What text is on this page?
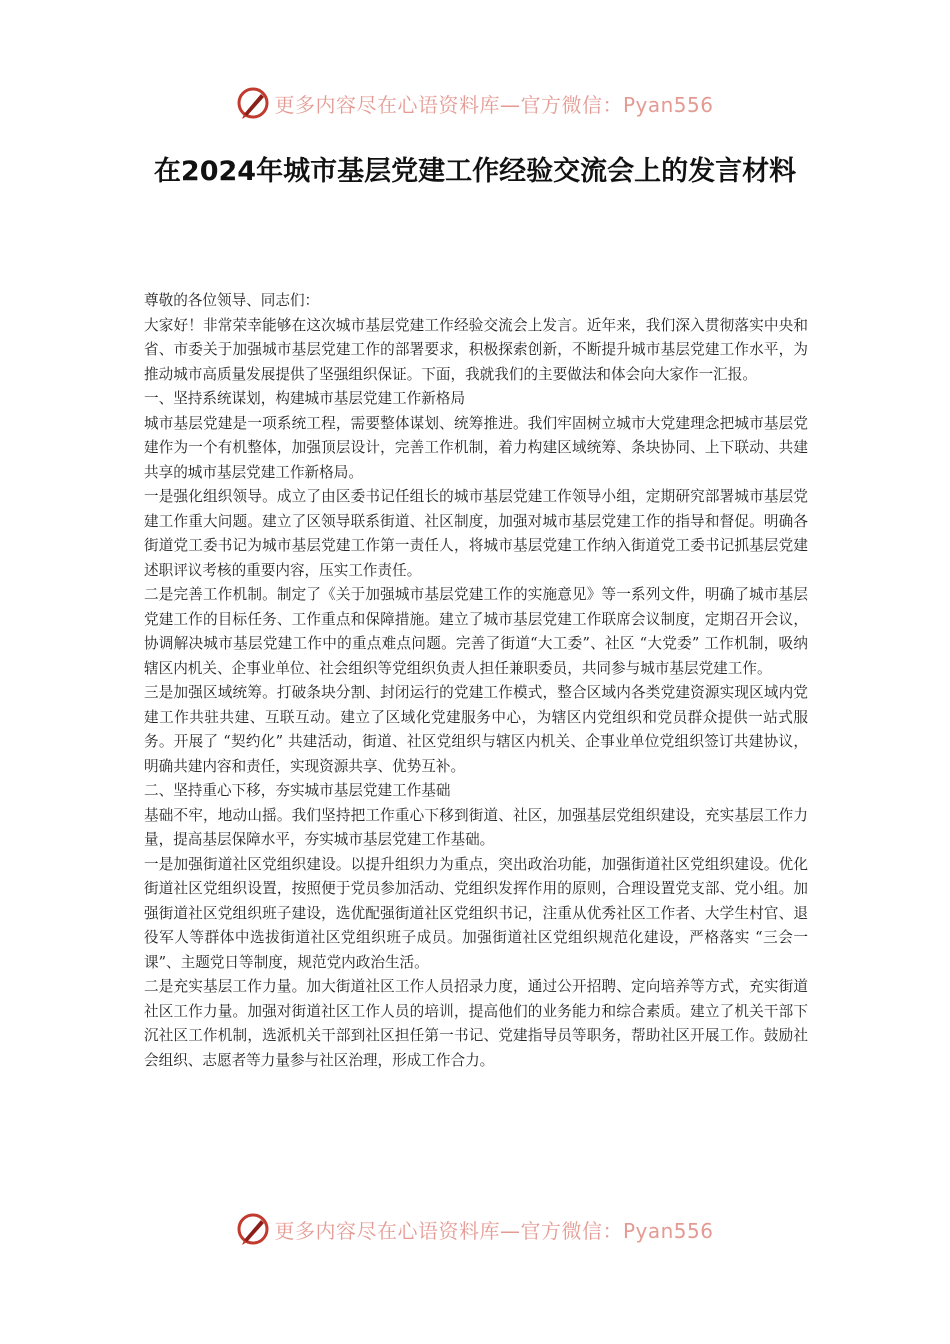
更多内容尽在心语资料库—官方微信：Pyan556
在2024年城市基层党建工作经验交流会上的发言材料

尊敬的各位领导、同志们：

大家好！非常荣幸能够在这次城市基层党建工作经验交流会上发言。近年来，我们深入贯彻落实中央和省、市委关于加强城市基层党建工作的部署要求，积极探索创新，不断提升城市基层党建工作水平，为推动城市高质量发展提供了坚强组织保证。下面，我就我们的主要做法和体会向大家作一汇报。

一、坚持系统谋划，构建城市基层党建工作新格局

城市基层党建是一项系统工程，需要整体谋划、统筹推进。我们牢固树立城市大党建理念把城市基层党建作为一个有机整体，加强顶层设计，完善工作机制，着力构建区域统筹、条块协同、上下联动、共建共享的城市基层党建工作新格局。

一是强化组织领导。成立了由区委书记任组长的城市基层党建工作领导小组，定期研究部署城市基层党建工作重大问题。建立了区领导联系街道、社区制度，加强对城市基层党建工作的指导和督促。明确各街道党工委书记为城市基层党建工作第一责任人，将城市基层党建工作纳入街道党工委书记抓基层党建述职评议考核的重要内容，压实工作责任。

二是完善工作机制。制定了《关于加强城市基层党建工作的实施意见》等一系列文件，明确了城市基层党建工作的目标任务、工作重点和保障措施。建立了城市基层党建工作联席会议制度，定期召开会议，协调解决城市基层党建工作中的重点难点问题。完善了街道“大工委”、社区 “大党委” 工作机制，吸纳辖区内机关、企事业单位、社会组织等党组织负责人担任兼职委员，共同参与城市基层党建工作。

三是加强区域统筹。打破条块分割、封闭运行的党建工作模式，整合区域内各类党建资源实现区域内党建工作共驻共建、互联互动。建立了区域化党建服务中心，为辖区内党组织和党员群众提供一站式服务。开展了 “契约化” 共建活动，街道、社区党组织与辖区内机关、企事业单位党组织签订共建协议，明确共建内容和责任，实现资源共享、优势互补。

二、坚持重心下移，夯实城市基层党建工作基础

基础不牢，地动山摇。我们坚持把工作重心下移到街道、社区，加强基层党组织建设，充实基层工作力量，提高基层保障水平，夯实城市基层党建工作基础。

一是加强街道社区党组织建设。以提升组织力为重点，突出政治功能，加强街道社区党组织建设。优化街道社区党组织设置，按照便于党员参加活动、党组织发挥作用的原则，合理设置党支部、党小组。加强街道社区党组织班子建设，选优配强街道社区党组织书记，注重从优秀社区工作者、大学生村官、退役军人等群体中选拔街道社区党组织班子成员。加强街道社区党组织规范化建设，严格落实 “三会一课”、主题党日等制度，规范党内政治生活。

二是充实基层工作力量。加大街道社区工作人员招录力度，通过公开招聘、定向培养等方式，充实街道社区工作力量。加强对街道社区工作人员的培训，提高他们的业务能力和综合素质。建立了机关干部下沉社区工作机制，选派机关干部到社区担任第一书记、党建指导员等职务，帮助社区开展工作。鼓励社会组织、志愿者等力量参与社区治理，形成工作合力。

更多内容尽在心语资料库—官方微信：Pyan556
